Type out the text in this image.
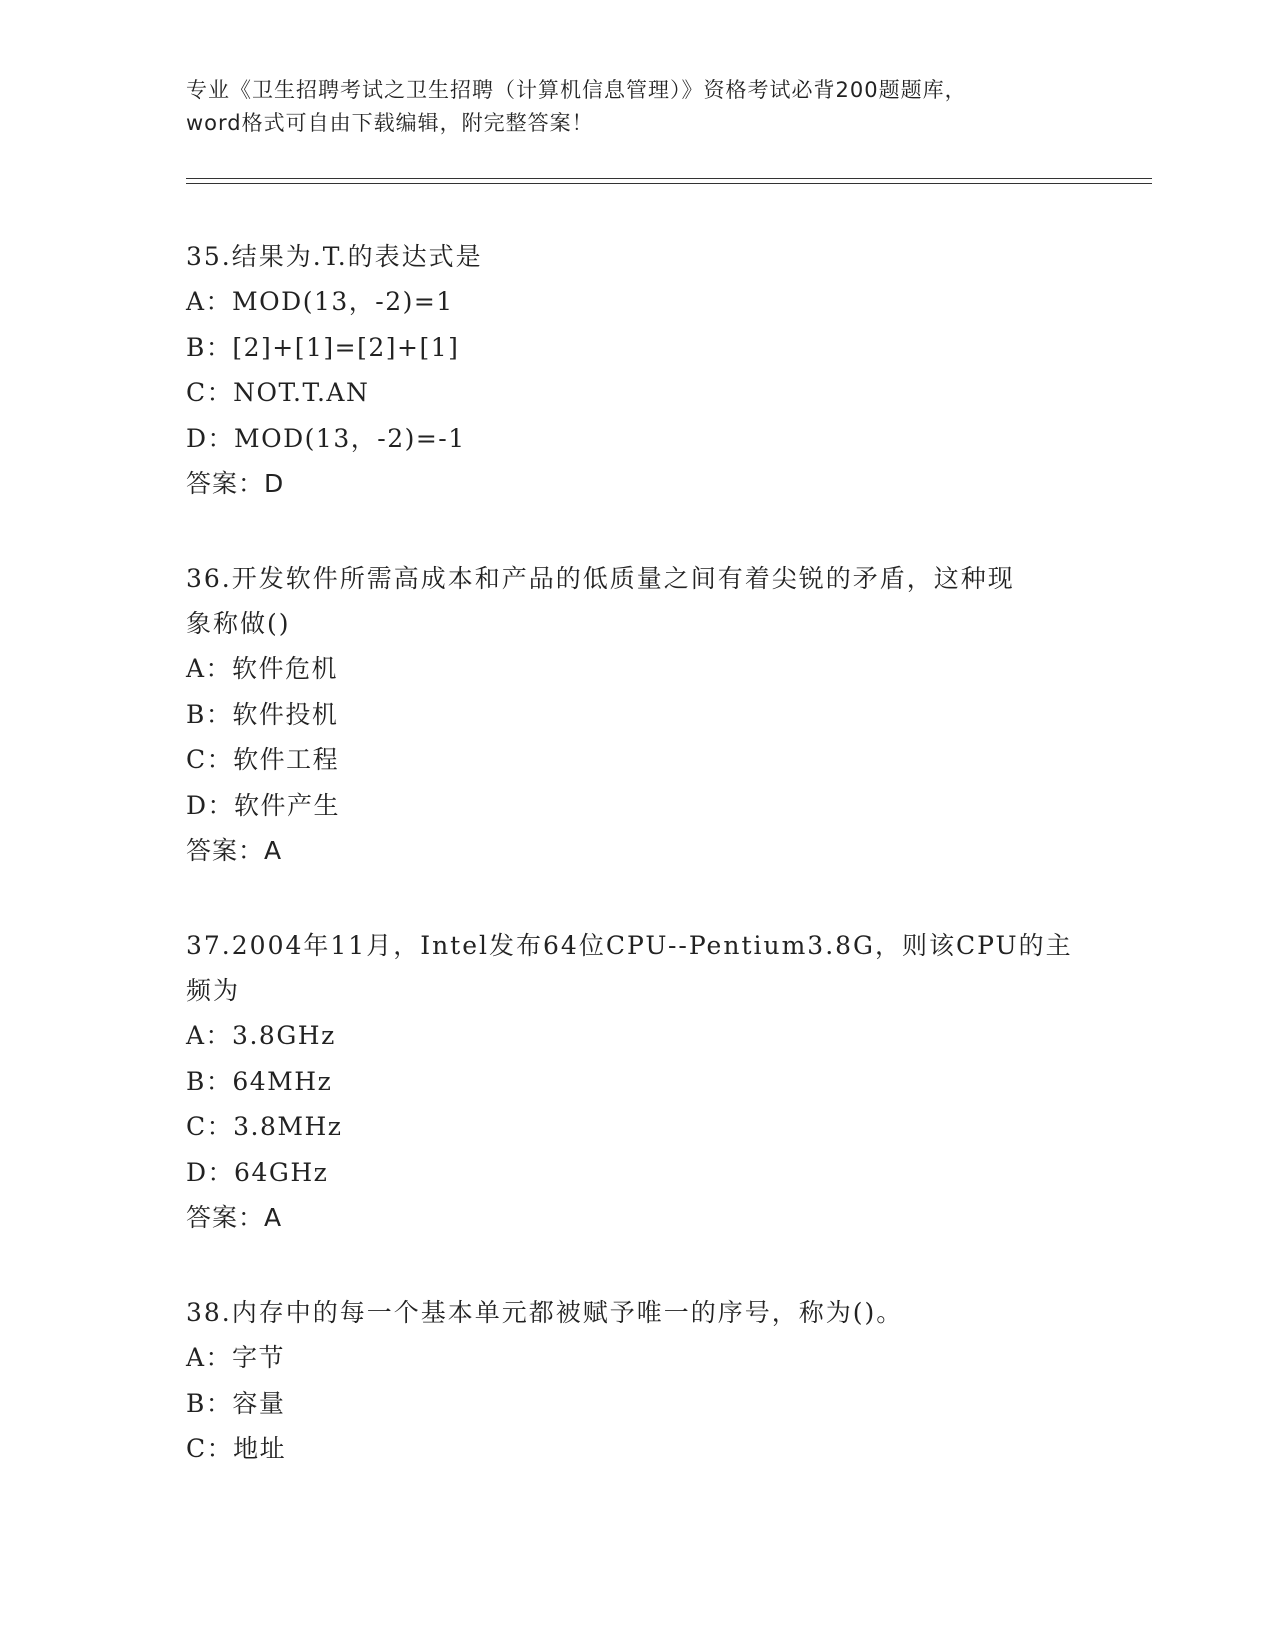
专业《卫生招聘考试之卫生招聘（计算机信息管理）》资格考试必背200题题库，
word格式可自由下载编辑，附完整答案！
35.结果为.T.的表达式是
A：MOD(13，-2)=1
B：[2]+[1]=[2]+[1]
C：NOT.T.AN
D：MOD(13，-2)=-1
答案：D
36.开发软件所需高成本和产品的低质量之间有着尖锐的矛盾，这种现
象称做()
A：软件危机
B：软件投机
C：软件工程
D：软件产生
答案：A
37.2004年11月，Intel发布64位CPU--Pentium3.8G，则该CPU的主
频为
A：3.8GHz
B：64MHz
C：3.8MHz
D：64GHz
答案：A
38.内存中的每一个基本单元都被赋予唯一的序号，称为()。
A：字节
B：容量
C：地址
